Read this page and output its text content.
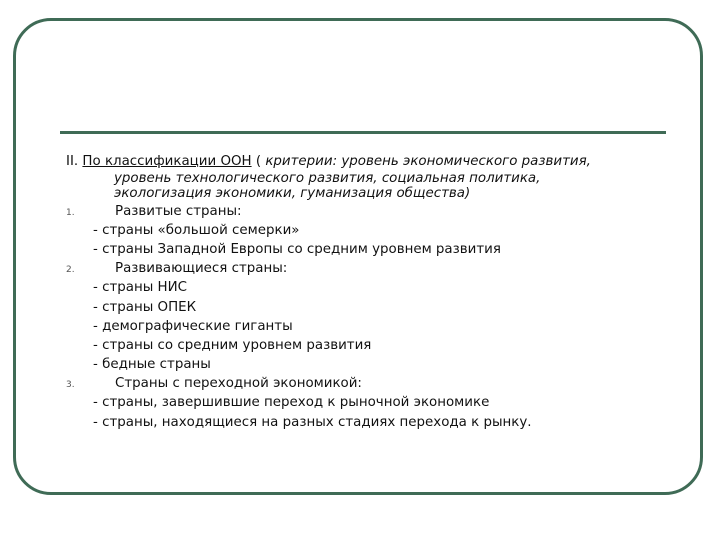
II. По классификации ООН ( критерии: уровень экономического развития,
уровень технологического развития, социальная политика,
экологизация экономики, гуманизация общества)
1.	Развитые страны:
- страны «большой семерки»
- страны Западной Европы со средним уровнем развития
2.	Развивающиеся страны:
- страны НИС
- страны ОПЕК
- демографические гиганты
- страны со средним уровнем развития
- бедные страны
3.	Страны с переходной экономикой:
- страны, завершившие переход к рыночной экономике
- страны, находящиеся на разных стадиях перехода к рынку.
